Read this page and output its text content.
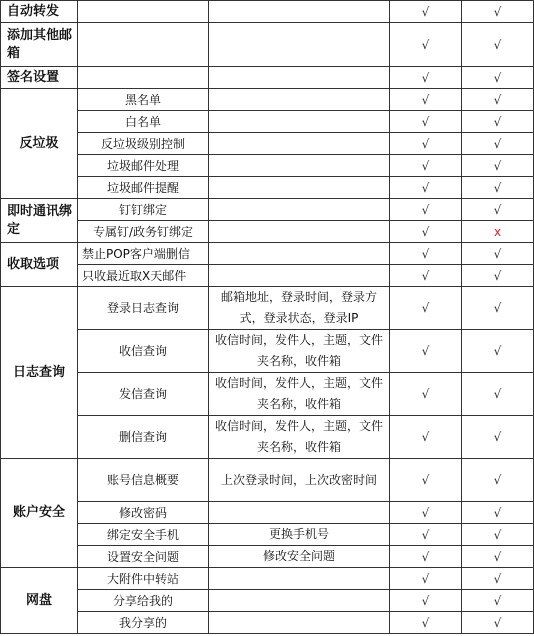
自动转发			√	√
添加其他邮箱			√	√
签名设置			√	√
反垃圾	黑名单		√	√
	白名单		√	√
	反垃圾级别控制		√	√
	垃圾邮件处理		√	√
	垃圾邮件提醒		√	√
即时通讯绑定	钉钉绑定		√	√
	专属钉/政务钉绑定		√	x
收取选项	禁止POP客户端删信		√	√
	只收最近取X天邮件		√	√
日志查询	登录日志查询	邮箱地址，登录时间，登录方式，登录状态，登录IP	√	√
	收信查询	收信时间，发件人，主题，文件夹名称，收件箱	√	√
	发信查询	收信时间，发件人，主题，文件夹名称，收件箱	√	√
	删信查询	收信时间，发件人，主题，文件夹名称，收件箱	√	√
账户安全	账号信息概要	上次登录时间，上次改密时间	√	√
	修改密码		√	√
	绑定安全手机	更换手机号	√	√
	设置安全问题	修改安全问题	√	√
网盘	大附件中转站		√	√
	分享给我的		√	√
	我分享的		√	√
